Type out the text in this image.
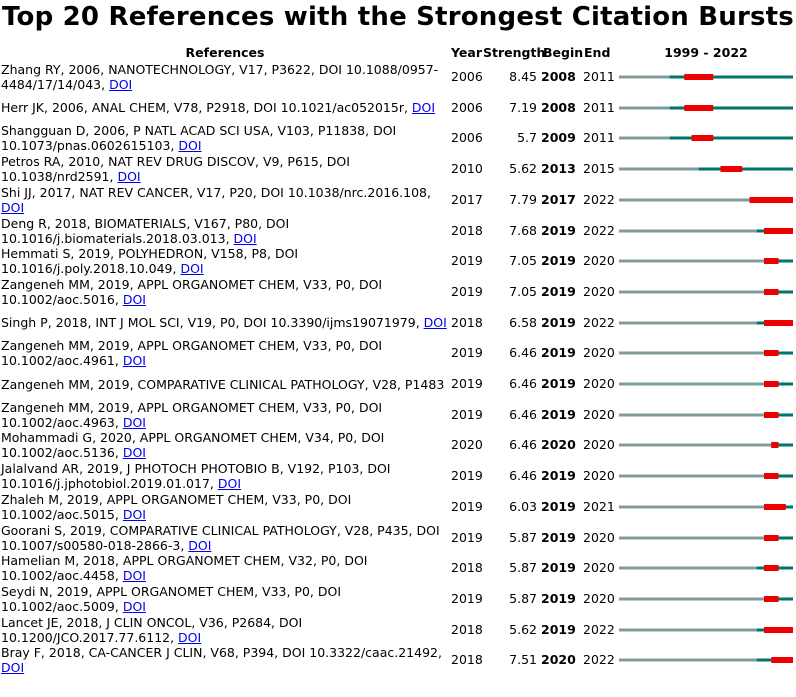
Top 20 References with the Strongest Citation Bursts
References	Year Strength
Begin End	1999 - 2022
Zhang RY, 2006, NANOTECHNOLOGY, V17, P3622, DOI 10.1088/0957-4484/17/14/043, DOI
2006	8.45 2008 2011
Herr JK, 2006, ANAL CHEM, V78, P2918, DOI 10.1021/ac052015r, DOI 2006	7.19 2008 2011
Shangguan D, 2006, P NATL ACAD SCI USA, V103, P11838, DOI 10.1073/pnas.0602615103, DOI
2006	5.7 2009 2011
Petros RA, 2010, NAT REV DRUG DISCOV, V9, P615, DOI 10.1038/nrd2591, DOI
2010	5.62 2013 2015
Shi JJ, 2017, NAT REV CANCER, V17, P20, DOI 10.1038/nrc.2016.108, DOI
2017	7.79 2017 2022
Deng R, 2018, BIOMATERIALS, V167, P80, DOI 10.1016/j.biomaterials.2018.03.013, DOI
2018	7.68 2019 2022
Hemmati S, 2019, POLYHEDRON, V158, P8, DOI 10.1016/j.poly.2018.10.049, DOI
2019	7.05 2019 2020
Zangeneh MM, 2019, APPL ORGANOMET CHEM, V33, P0, DOI 10.1002/aoc.5016, DOI
2019	7.05 2019 2020
Singh P, 2018, INT J MOL SCI, V19, P0, DOI 10.3390/ijms19071979, DOI 2018	6.58 2019 2022
Zangeneh MM, 2019, APPL ORGANOMET CHEM, V33, P0, DOI 10.1002/aoc.4961, DOI
2019	6.46 2019 2020
Zangeneh MM, 2019, COMPARATIVE CLINICAL PATHOLOGY, V28, P1483 2019	6.46 2019 2020
Zangeneh MM, 2019, APPL ORGANOMET CHEM, V33, P0, DOI 10.1002/aoc.4963, DOI
2019	6.46 2019 2020
Mohammadi G, 2020, APPL ORGANOMET CHEM, V34, P0, DOI 10.1002/aoc.5136, DOI
2020	6.46 2020 2020
Jalalvand AR, 2019, J PHOTOCH PHOTOBIO B, V192, P103, DOI 10.1016/j.jphotobiol.2019.01.017, DOI
2019	6.46 2019 2020
Zhaleh M, 2019, APPL ORGANOMET CHEM, V33, P0, DOI 10.1002/aoc.5015, DOI
2019	6.03 2019 2021
Goorani S, 2019, COMPARATIVE CLINICAL PATHOLOGY, V28, P435, DOI 10.1007/s00580-018-2866-3, DOI
2019	5.87 2019 2020
Hamelian M, 2018, APPL ORGANOMET CHEM, V32, P0, DOI 10.1002/aoc.4458, DOI
2018	5.87 2019 2020
Seydi N, 2019, APPL ORGANOMET CHEM, V33, P0, DOI 10.1002/aoc.5009, DOI
2019	5.87 2019 2020
Lancet JE, 2018, J CLIN ONCOL, V36, P2684, DOI 10.1200/JCO.2017.77.6112, DOI
2018	5.62 2019 2022
Bray F, 2018, CA-CANCER J CLIN, V68, P394, DOI 10.3322/caac.21492, DOI
2018	7.51 2020 2022
